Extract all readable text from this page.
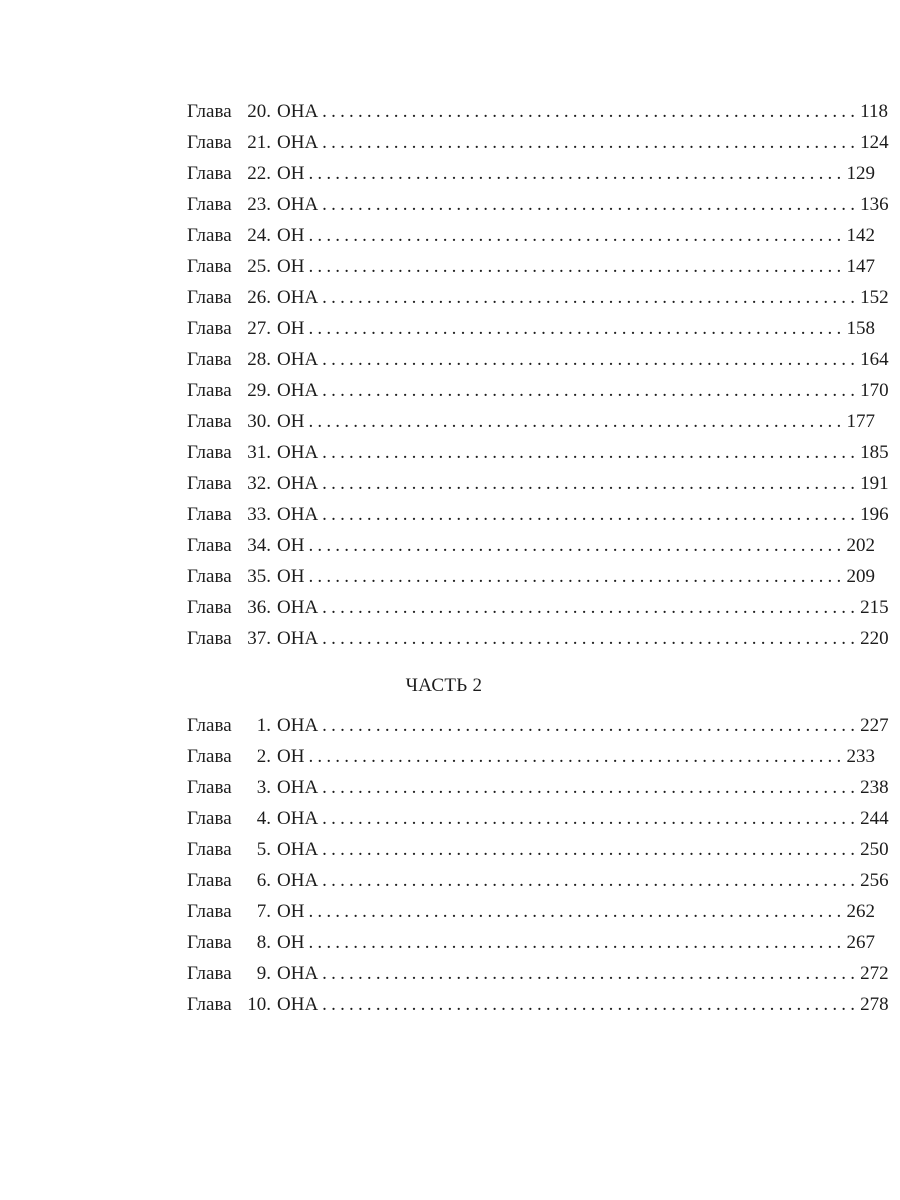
Глава 20. ОНА ............................................................ 118
Глава 21. ОНА ............................................................ 124
Глава 22. ОН ............................................................ 129
Глава 23. ОНА ............................................................ 136
Глава 24. ОН ............................................................ 142
Глава 25. ОН ............................................................ 147
Глава 26. ОНА ............................................................ 152
Глава 27. ОН ............................................................ 158
Глава 28. ОНА ............................................................ 164
Глава 29. ОНА ............................................................ 170
Глава 30. ОН ............................................................ 177
Глава 31. ОНА ............................................................ 185
Глава 32. ОНА ............................................................ 191
Глава 33. ОНА ............................................................ 196
Глава 34. ОН ............................................................ 202
Глава 35. ОН ............................................................ 209
Глава 36. ОНА ............................................................ 215
Глава 37. ОНА ............................................................ 220
ЧАСТЬ 2
Глава	1. ОНА ............................................................ 227
Глава	2. ОН ............................................................ 233
Глава	3. ОНА ............................................................ 238
Глава	4. ОНА ............................................................ 244
Глава	5. ОНА ............................................................ 250
Глава	6. ОНА ............................................................ 256
Глава	7. ОН ............................................................ 262
Глава	8. ОН ............................................................ 267
Глава	9. ОНА ............................................................ 272
Глава 10. ОНА ............................................................ 278
